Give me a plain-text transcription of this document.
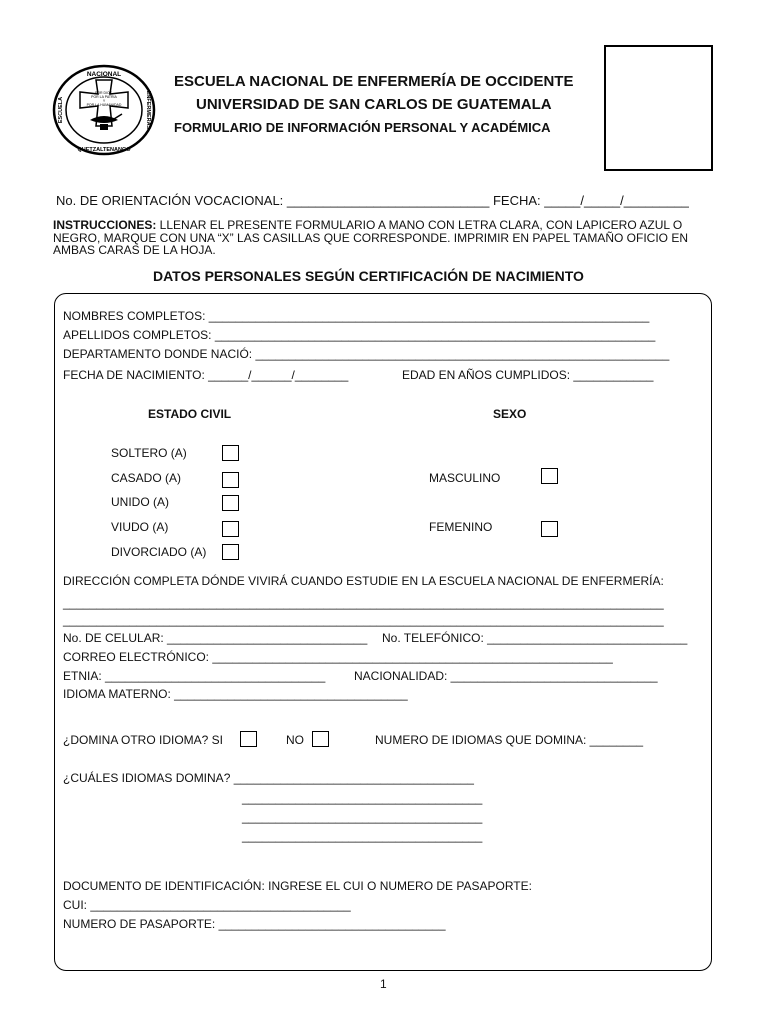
NACIONAL
QUETZALTENANGO
ESCUELA	ENFERMERAS
POR DIOS,
POR LA PATRIA
Y
POR LA HUMANIDAD
ESCUELA NACIONAL DE ENFERMERÍA DE OCCIDENTE
UNIVERSIDAD DE SAN CARLOS DE GUATEMALA
FORMULARIO DE INFORMACIÓN PERSONAL Y ACADÉMICA
No. DE ORIENTACIÓN VOCACIONAL: ____________________________ FECHA: _____/_____/_________
INSTRUCCIONES: LLENAR EL PRESENTE FORMULARIO A MANO CON LETRA CLARA, CON LAPICERO AZUL O NEGRO, MARQUE CON UNA “X” LAS CASILLAS QUE CORRESPONDE. IMPRIMIR EN PAPEL TAMAÑO OFICIO EN AMBAS CARAS DE LA HOJA.
DATOS PERSONALES SEGÚN CERTIFICACIÓN DE NACIMIENTO
NOMBRES COMPLETOS: __________________________________________________________________
APELLIDOS COMPLETOS: __________________________________________________________________
DEPARTAMENTO DONDE NACIÓ: ______________________________________________________________
FECHA DE NACIMIENTO: ______/______/________	EDAD EN AÑOS CUMPLIDOS: ____________
ESTADO CIVIL
SOLTERO (A)
CASADO (A)
UNIDO (A)
VIUDO (A)
DIVORCIADO (A)
SEXO
MASCULINO
FEMENINO
DIRECCIÓN COMPLETA DÓNDE VIVIRÁ CUANDO ESTUDIE EN LA ESCUELA NACIONAL DE ENFERMERÍA:
__________________________________________________________________________________________
__________________________________________________________________________________________
No. DE CELULAR: ______________________________ No. TELEFÓNICO: ______________________________
CORREO ELECTRÓNICO: ____________________________________________________________
ETNIA: _________________________________ NACIONALIDAD: _______________________________
IDIOMA MATERNO: ___________________________________
¿DOMINA OTRO IDIOMA? SI	NO	NUMERO DE IDIOMAS QUE DOMINA: ________
¿CUÁLES IDIOMAS DOMINA? ____________________________________
____________________________________
____________________________________
____________________________________
DOCUMENTO DE IDENTIFICACIÓN: INGRESE EL CUI O NUMERO DE PASAPORTE:
CUI: _______________________________________
NUMERO DE PASAPORTE: __________________________________
1
